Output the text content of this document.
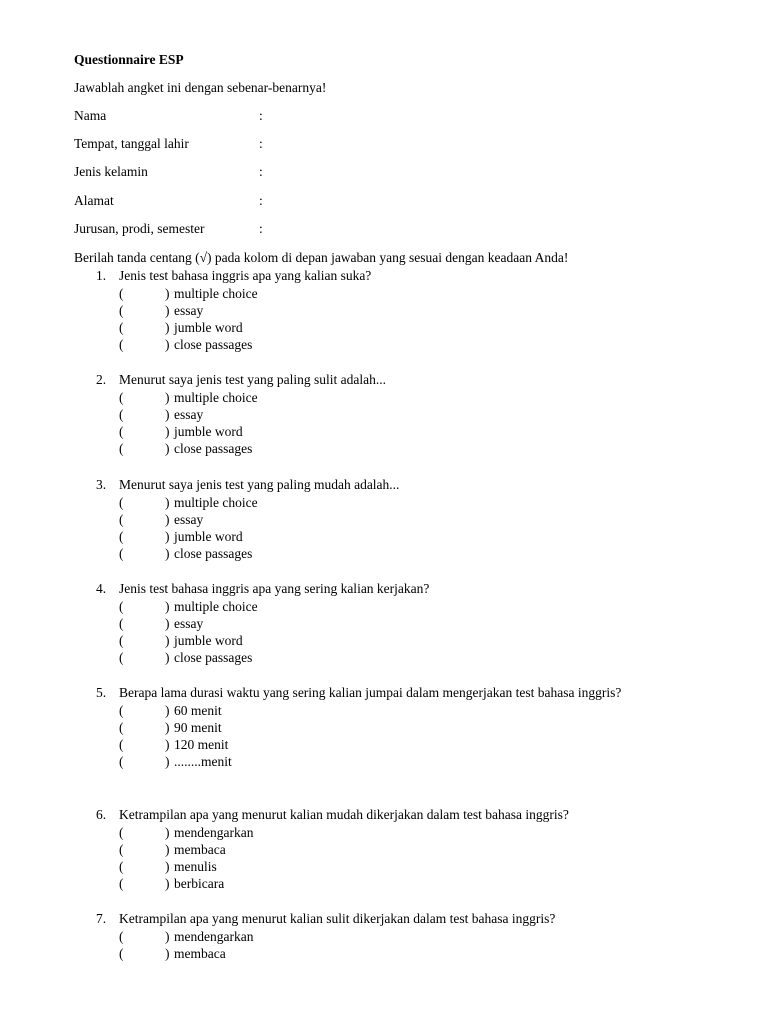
Questionnaire ESP
Jawablah angket ini dengan sebenar-benarnya!
Nama	:
Tempat, tanggal lahir	:
Jenis kelamin	:
Alamat	:
Jurusan, prodi, semester	:
Berilah tanda centang (√) pada kolom di depan jawaban yang sesuai dengan keadaan Anda!
1. Jenis test bahasa inggris apa yang kalian suka?
(	) multiple choice
(	) essay
(	) jumble word
(	) close passages
2. Menurut saya jenis test yang paling sulit adalah...
(	) multiple choice
(	) essay
(	) jumble word
(	) close passages
3. Menurut saya jenis test yang paling mudah adalah...
(	) multiple choice
(	) essay
(	) jumble word
(	) close passages
4. Jenis test bahasa inggris apa yang sering kalian kerjakan?
(	) multiple choice
(	) essay
(	) jumble word
(	) close passages
5. Berapa lama durasi waktu yang sering kalian jumpai dalam mengerjakan test bahasa inggris?
(	) 60 menit
(	) 90 menit
(	) 120 menit
(	) ........menit
6. Ketrampilan apa yang menurut kalian mudah dikerjakan dalam test bahasa inggris?
(	) mendengarkan
(	) membaca
(	) menulis
(	) berbicara
7. Ketrampilan apa yang menurut kalian sulit dikerjakan dalam test bahasa inggris?
(	) mendengarkan
(	) membaca
